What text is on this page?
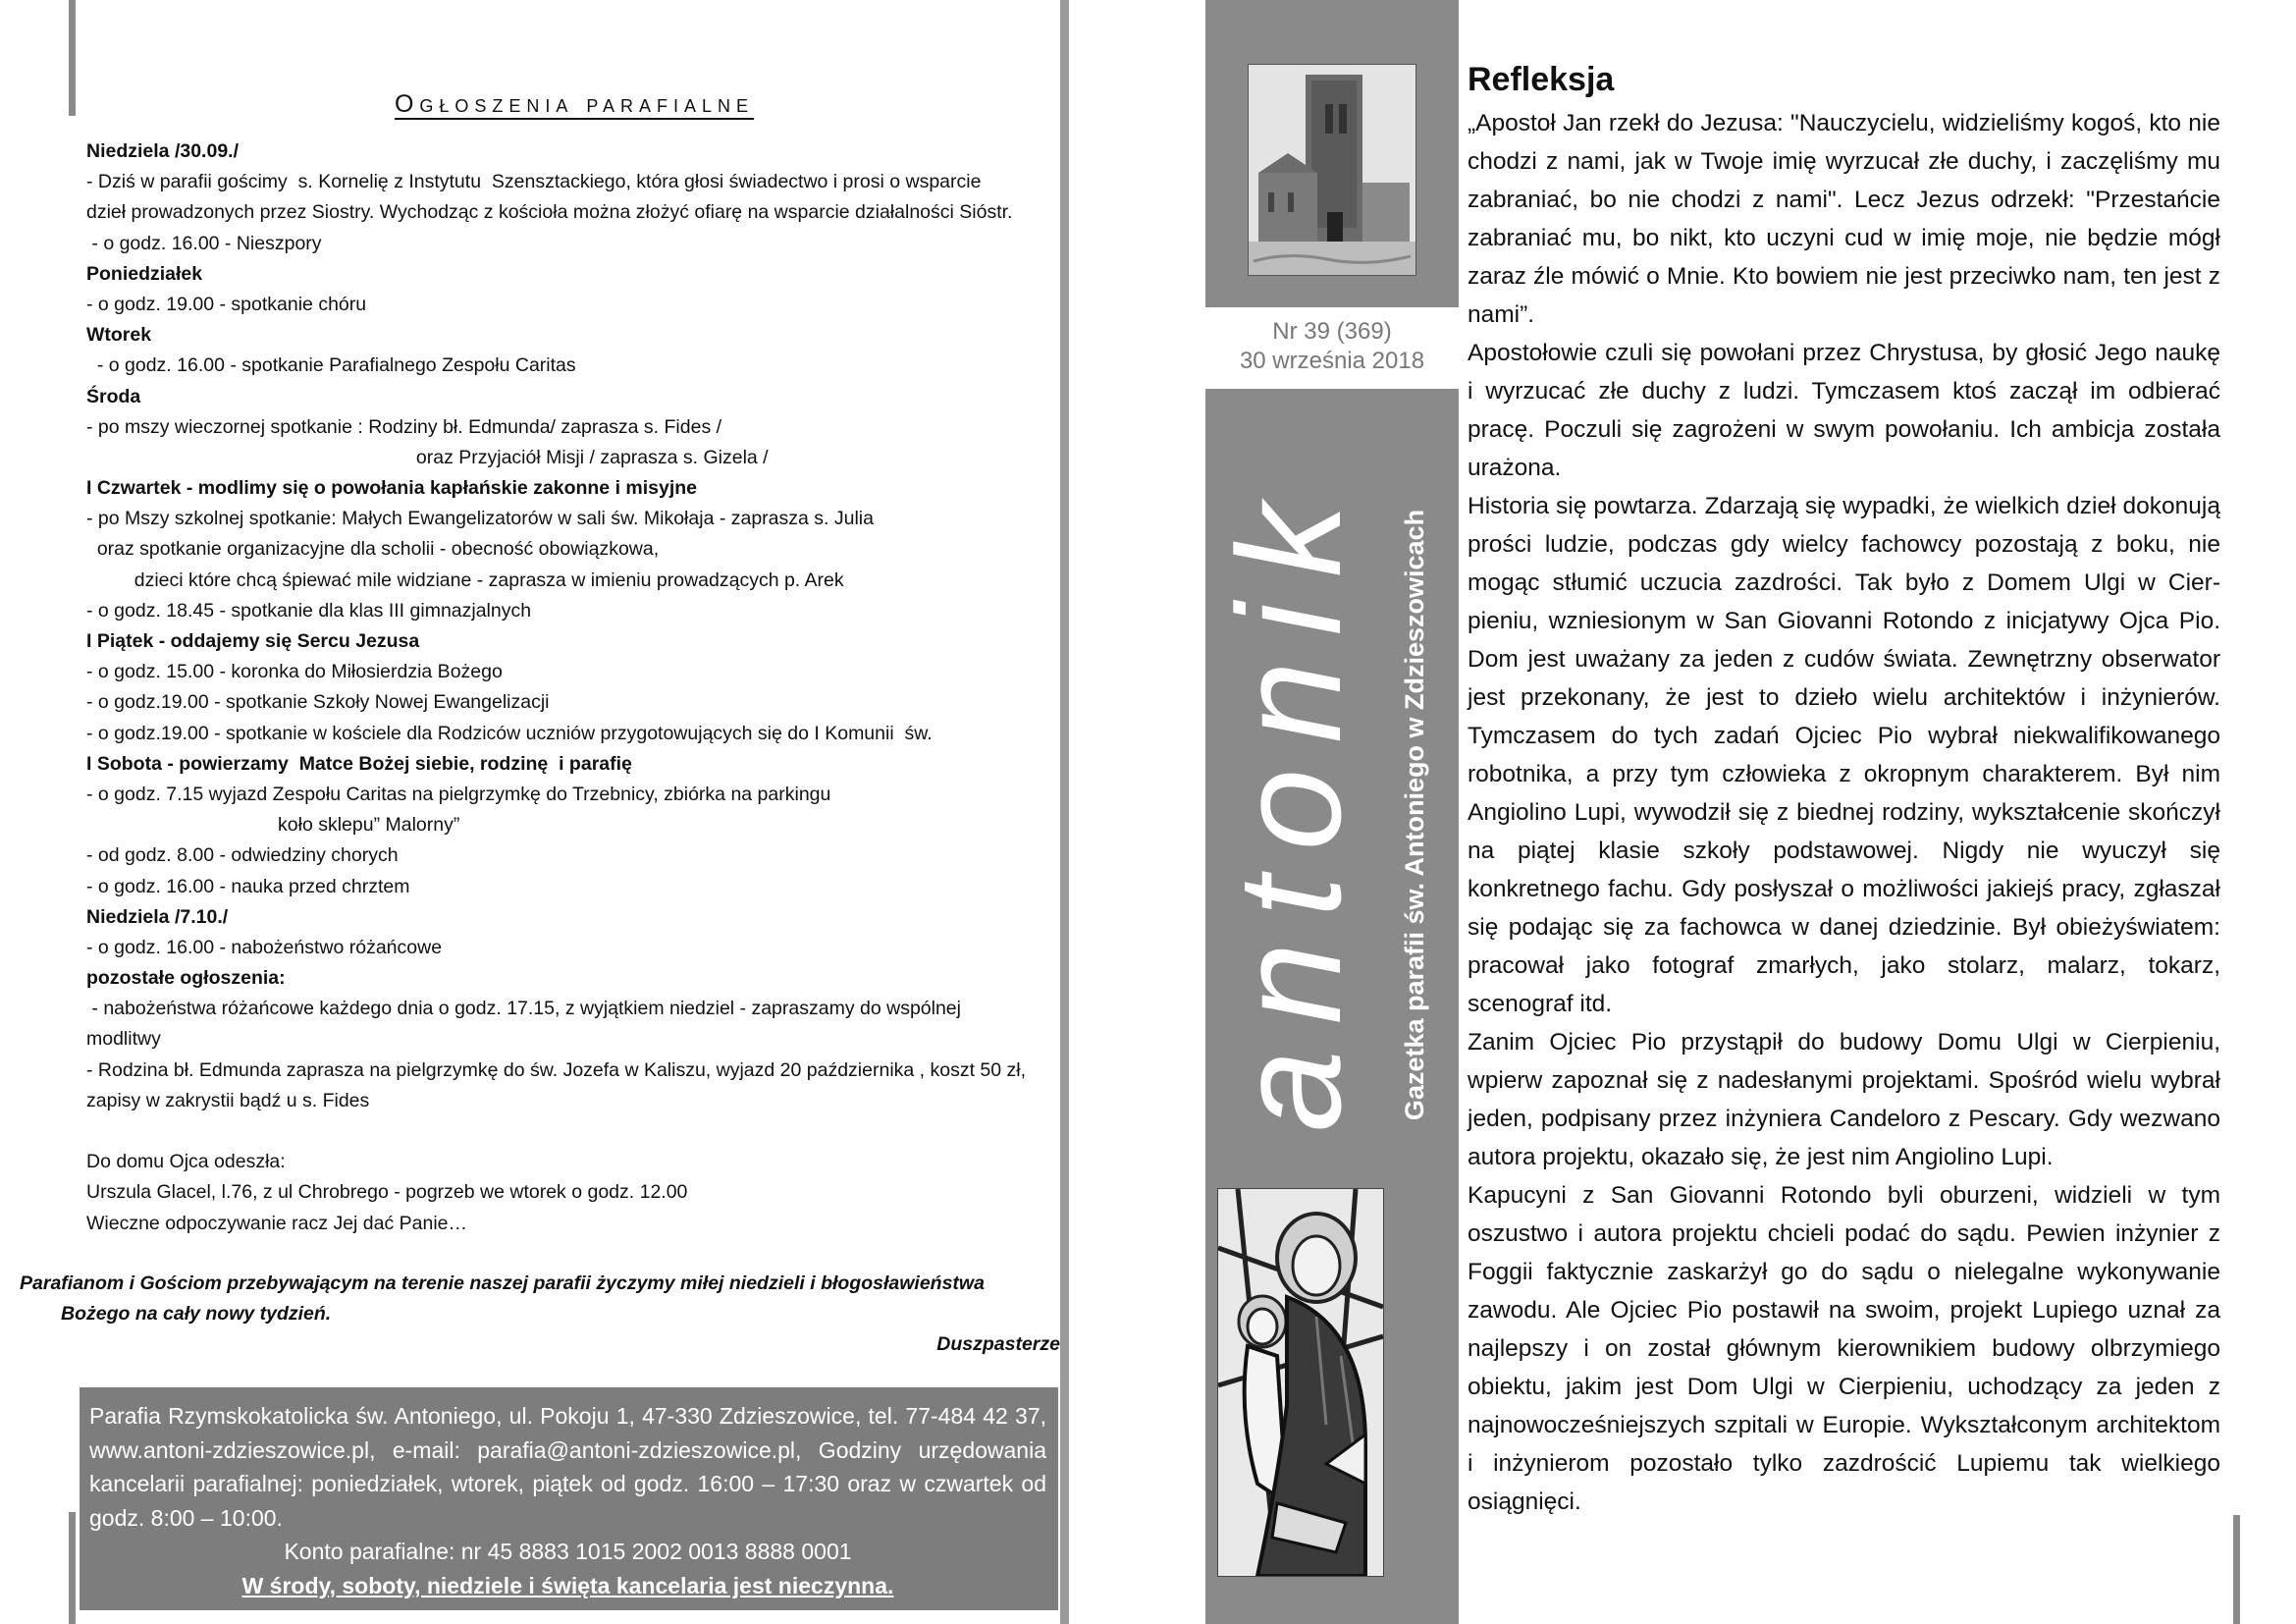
Ogłoszenia parafialne
Niedziela /30.09./
- Dziś w parafii gościmy  s. Kornelię z Instytutu  Szensztackiego, która głosi świadectwo i prosi o wsparcie
dzieł prowadzonych przez Siostry. Wychodząc z kościoła można złożyć ofiarę na wsparcie działalności Sióstr.
- o godz. 16.00 - Nieszpory
Poniedziałek
- o godz. 19.00 - spotkanie chóru
Wtorek
- o godz. 16.00 - spotkanie Parafialnego Zespołu Caritas
Środa
- po mszy wieczornej spotkanie : Rodziny bł. Edmunda/ zaprasza s. Fides /
oraz Przyjaciół Misji / zaprasza s. Gizela /
I Czwartek - modlimy się o powołania kapłańskie zakonne i misyjne
- po Mszy szkolnej spotkanie: Małych Ewangelizatorów w sali św. Mikołaja - zaprasza s. Julia
oraz spotkanie organizacyjne dla scholii - obecność obowiązkowa,
dzieci które chcą śpiewać mile widziane - zaprasza w imieniu prowadzących p. Arek
- o godz. 18.45 - spotkanie dla klas III gimnazjalnych
I Piątek - oddajemy się Sercu Jezusa
- o godz. 15.00 - koronka do Miłosierdzia Bożego
- o godz.19.00 - spotkanie Szkoły Nowej Ewangelizacji
- o godz.19.00 - spotkanie w kościele dla Rodziców uczniów przygotowujących się do I Komunii  św.
I Sobota - powierzamy  Matce Bożej siebie, rodzinę  i parafię
- o godz. 7.15 wyjazd Zespołu Caritas na pielgrzymkę do Trzebnicy, zbiórka na parkingu
koło sklepu” Malorny”
- od godz. 8.00 - odwiedziny chorych
- o godz. 16.00 - nauka przed chrztem
Niedziela /7.10./
- o godz. 16.00 - nabożeństwo różańcowe
pozostałe ogłoszenia:
- nabożeństwa różańcowe każdego dnia o godz. 17.15, z wyjątkiem niedziel - zapraszamy do wspólnej
modlitwy
- Rodzina bł. Edmunda zaprasza na pielgrzymkę do św. Jozefa w Kaliszu, wyjazd 20 października , koszt 50 zł,
zapisy w zakrystii bądź u s. Fides
Do domu Ojca odeszła:
Urszula Glacel, l.76, z ul Chrobrego - pogrzeb we wtorek o godz. 12.00
Wieczne odpoczywanie racz Jej dać Panie…
Parafianom i Gościom przebywającym na terenie naszej parafii życzymy miłej niedzieli i błogosławieństwa
Bożego na cały nowy tydzień.
Duszpasterze
Parafia Rzymskokatolicka św. Antoniego, ul. Pokoju 1, 47-330 Zdzieszowice, tel. 77-484 42 37, www.antoni-zdzieszowice.pl, e-mail: parafia@antoni-zdzieszowice.pl, Godziny urzędowania kancelarii parafialnej: poniedziałek, wtorek, piątek od godz. 16:00 – 17:30 oraz w czwartek od godz. 8:00 – 10:00.
Konto parafialne: nr 45 8883 1015 2002 0013 8888 0001
W środy, soboty, niedziele i święta kancelaria jest nieczynna.
Nr 39 (369)
30 września 2018
antonik Gazetka parafii św. Antoniego w Zdzieszowicach
Refleksja
„Apostoł Jan rzekł do Jezusa: "Nauczycielu, widzieliśmy kogoś, kto nie chodzi z nami, jak w Twoje imię wyrzucał złe duchy, i zaczęliśmy mu zabraniać, bo nie chodzi z nami". Lecz Jezus odrzekł: "Przestańcie zabraniać mu, bo nikt, kto uczyni cud w imię moje, nie będzie mógł zaraz źle mówić o Mnie. Kto bowiem nie jest przeciwko nam, ten jest z nami”.
Apostołowie czuli się powołani przez Chrystusa, by głosić Jego naukę i wyrzucać złe duchy z ludzi. Tymczasem ktoś zaczął im odbierać pracę. Poczuli się zagrożeni w swym powołaniu. Ich ambicja została urażona.
Historia się powtarza. Zdarzają się wypadki, że wielkich dzieł dokonują prości ludzie, podczas gdy wielcy fachowcy pozostają z boku, nie mogąc stłumić uczucia zazdrości. Tak było z Domem Ulgi w Cierpieniu, wzniesionym w San Giovanni Rotondo z inicjatywy Ojca Pio. Dom jest uważany za jeden z cudów świata. Zewnętrzny obserwator jest przekonany, że jest to dzieło wielu architektów i inżynierów. Tymczasem do tych zadań Ojciec Pio wybrał niekwalifikowanego robotnika, a przy tym człowieka z okropnym charakterem. Był nim Angiolino Lupi, wywodził się z biednej rodziny, wykształcenie skończył na piątej klasie szkoły podstawowej. Nigdy nie wyuczył się konkretnego fachu. Gdy posłyszał o możliwości jakiejś pracy, zgłaszał się podając się za fachowca w danej dziedzinie. Był obieżyświatem: pracował jako fotograf zmarłych, jako stolarz, malarz, tokarz, scenograf itd.
Zanim Ojciec Pio przystąpił do budowy Domu Ulgi w Cierpieniu, wpierw zapoznał się z nadesłanymi projektami. Spośród wielu wybrał jeden, podpisany przez inżyniera Candeloro z Pescary. Gdy wezwano autora projektu, okazało się, że jest nim Angiolino Lupi.
Kapucyni z San Giovanni Rotondo byli oburzeni, widzieli w tym oszustwo i autora projektu chcieli podać do sądu. Pewien inżynier z Foggii faktycznie zaskarżył go do sądu o nielegalne wykonywanie zawodu. Ale Ojciec Pio postawił na swoim, projekt Lupiego uznał za najlepszy i on został głównym kierownikiem budowy olbrzymiego obiektu, jakim jest Dom Ulgi w Cierpieniu, uchodzący za jeden z najnowocześniejszych szpitali w Europie. Wykształconym architektom i inżynierom pozostało tylko zazdrościć Lupiemu tak wielkiego osiągnięci.
